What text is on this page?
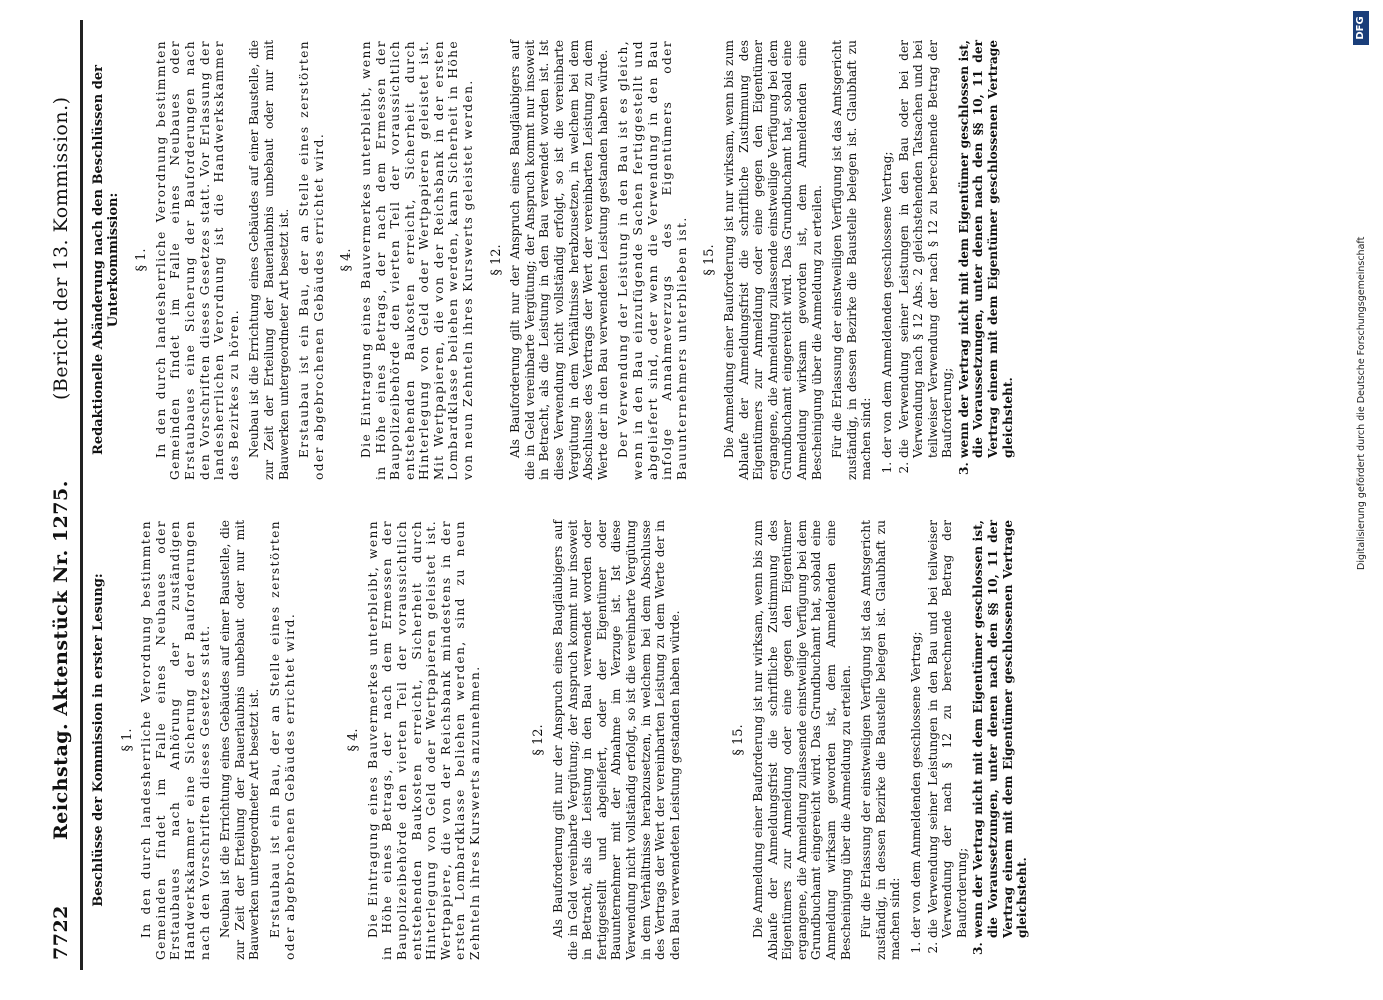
7722
Reichstag. Aktenstück Nr. 1275.
(Bericht der 13. Kommission.)
Beschlüsse der Kommission in erster Lesung: § 1. In den durch landesherrliche Verordnung bestimmten Gemeinden findet im Falle eines Neubaues oder Erstaubaues nach Anhörung der zuständigen Handwerkskammer eine Sicherung der Bauforderungen nach den Vorschriften dieses Gesetzes statt. Neubau ist die Errichtung eines Gebäudes auf einer Baustelle, die zur Zeit der Erteilung der Bauerlaubnis unbebaut oder nur mit Bauwerken untergeordneter Art besetzt ist. Erstaubau ist ein Bau, der an Stelle eines zerstörten oder abgebrochenen Gebäudes errichtet wird.	§ 4. Die Eintragung eines Bauvermerkes unterbleibt, wenn in Höhe eines Betrags, der nach dem Ermessen der Baupolizeibehörde den vierten Teil der voraussichtlich entstehenden Baukosten erreicht, Sicherheit durch Hinterlegung von Geld oder Wertpapieren geleistet ist. Wertpapiere, die von der Reichsbank mindestens in der ersten Lombardklasse beliehen werden, sind zu neun Zehnteln ihres Kurswerts anzunehmen.	§ 12. Als Bauforderung gilt nur der Anspruch eines Baugläubigers auf die in Geld vereinbarte Vergütung; der Anspruch kommt nur insoweit in Betracht, als die Leistung in den Bau verwendet worden oder fertiggestellt und abgeliefert, oder der Eigentümer oder Bauunternehmer mit der Abnahme im Verzuge ist. Ist diese Verwendung nicht vollständig erfolgt, so ist die vereinbarte Vergütung in dem Verhältnisse herabzusetzen, in welchem bei dem Abschlusse des Vertrags der Wert der vereinbarten Leistung zu dem Werte der in den Bau verwendeten Leistung gestanden haben würde.	§ 15. Die Anmeldung einer Bauforderung ist nur wirksam, wenn bis zum Ablaufe der Anmeldungsfrist die schriftliche Zustimmung des Eigentümers zur Anmeldung oder eine gegen den Eigentümer ergangene, die Anmeldung zulassende einstweilige Verfügung bei dem Grundbuchamt eingereicht wird. Das Grundbuchamt hat, sobald eine Anmeldung wirksam geworden ist, dem Anmeldenden eine Bescheinigung über die Anmeldung zu erteilen. Für die Erlassung der einstweiligen Verfügung ist das Amtsgericht zuständig, in dessen Bezirke die Baustelle belegen ist. Glaubhaft zu machen sind: 1. der von dem Anmeldenden geschlossene Vertrag; 2. die Verwendung seiner Leistungen in den Bau und bei teilweiser Verwendung der nach § 12 zu berechnende Betrag der Bauforderung; 3. wenn der Vertrag nicht mit dem Eigentümer geschlossen ist, die Voraussetzungen, unter denen nach den §§ 10, 11 der Vertrag einem mit dem Eigentümer geschlossenen Vertrage gleichsteht.
Redaktionelle Abänderung nach den Beschlüssen der Unterkommission: § 1. In den durch landesherrliche Verordnung bestimmten Gemeinden findet im Falle eines Neubaues oder Erstaubaues eine Sicherung der Bauforderungen nach den Vorschriften dieses Gesetzes statt. Vor Erlassung der landesherrlichen Verordnung ist die Handwerkskammer des Bezirkes zu hören. Neubau ist die Errichtung eines Gebäudes auf einer Baustelle, die zur Zeit der Erteilung der Bauerlaubnis unbebaut oder nur mit Bauwerken untergeordneter Art besetzt ist. Erstaubau ist ein Bau, der an Stelle eines zerstörten oder abgebrochenen Gebäudes errichtet wird. § 4. Die Eintragung eines Bauvermerkes unterbleibt, wenn in Höhe eines Betrags, der nach dem Ermessen der Baupolizeibehörde den vierten Teil der voraussichtlich entstehenden Baukosten erreicht, Sicherheit durch Hinterlegung von Geld oder Wertpapieren geleistet ist. Mit Wertpapieren, die von der Reichsbank in der ersten Lombardklasse beliehen werden, kann Sicherheit in Höhe von neun Zehnteln ihres Kurswerts geleistet werden. § 12. Als Bauforderung gilt nur der Anspruch eines Baugläubigers auf die in Geld vereinbarte Vergütung; der Anspruch kommt nur insoweit in Betracht, als die Leistung in den Bau verwendet worden ist. Ist diese Verwendung nicht vollständig erfolgt, so ist die vereinbarte Vergütung in dem Verhältnisse herabzusetzen, in welchem bei dem Abschlusse des Vertrags der Wert der vereinbarten Leistung zu dem Werte der in den Bau verwendeten Leistung gestanden haben würde. Der Verwendung der Leistung in den Bau ist es gleich, wenn in den Bau einzufügende Sachen fertiggestellt und abgeliefert sind, oder wenn die Verwendung in den Bau infolge Annahmeverzugs des Eigentümers oder Bauunternehmers unterblieben ist. § 15. Die Anmeldung einer Bauforderung ist nur wirksam, wenn bis zum Ablaufe der Anmeldungsfrist die schriftliche Zustimmung des Eigentümers zur Anmeldung oder eine gegen den Eigentümer ergangene, die Anmeldung zulassende einstweilige Verfügung bei dem Grundbuchamt eingereicht wird. Das Grundbuchamt hat, sobald eine Anmeldung wirksam geworden ist, dem Anmeldenden eine Bescheinigung über die Anmeldung zu erteilen. Für die Erlassung der einstweiligen Verfügung ist das Amtsgericht zuständig, in dessen Bezirke die Baustelle belegen ist. Glaubhaft zu machen sind: 1. der von dem Anmeldenden geschlossene Vertrag; 2. die Verwendung seiner Leistungen in den Bau oder bei der Verwendung nach § 12 Abs. 2 gleichstehenden Tatsachen und bei teilweiser Verwendung der nach § 12 zu berechnende Betrag der Bauforderung; 3. wenn der Vertrag nicht mit dem Eigentümer geschlossen ist, die Voraussetzungen, unter denen nach den §§ 10, 11 der Vertrag einem mit dem Eigentümer geschlossenen Vertrage gleichsteht.	Digitalisierung gefördert durch die Deutsche Forschungsgemeinschaft
DFG
